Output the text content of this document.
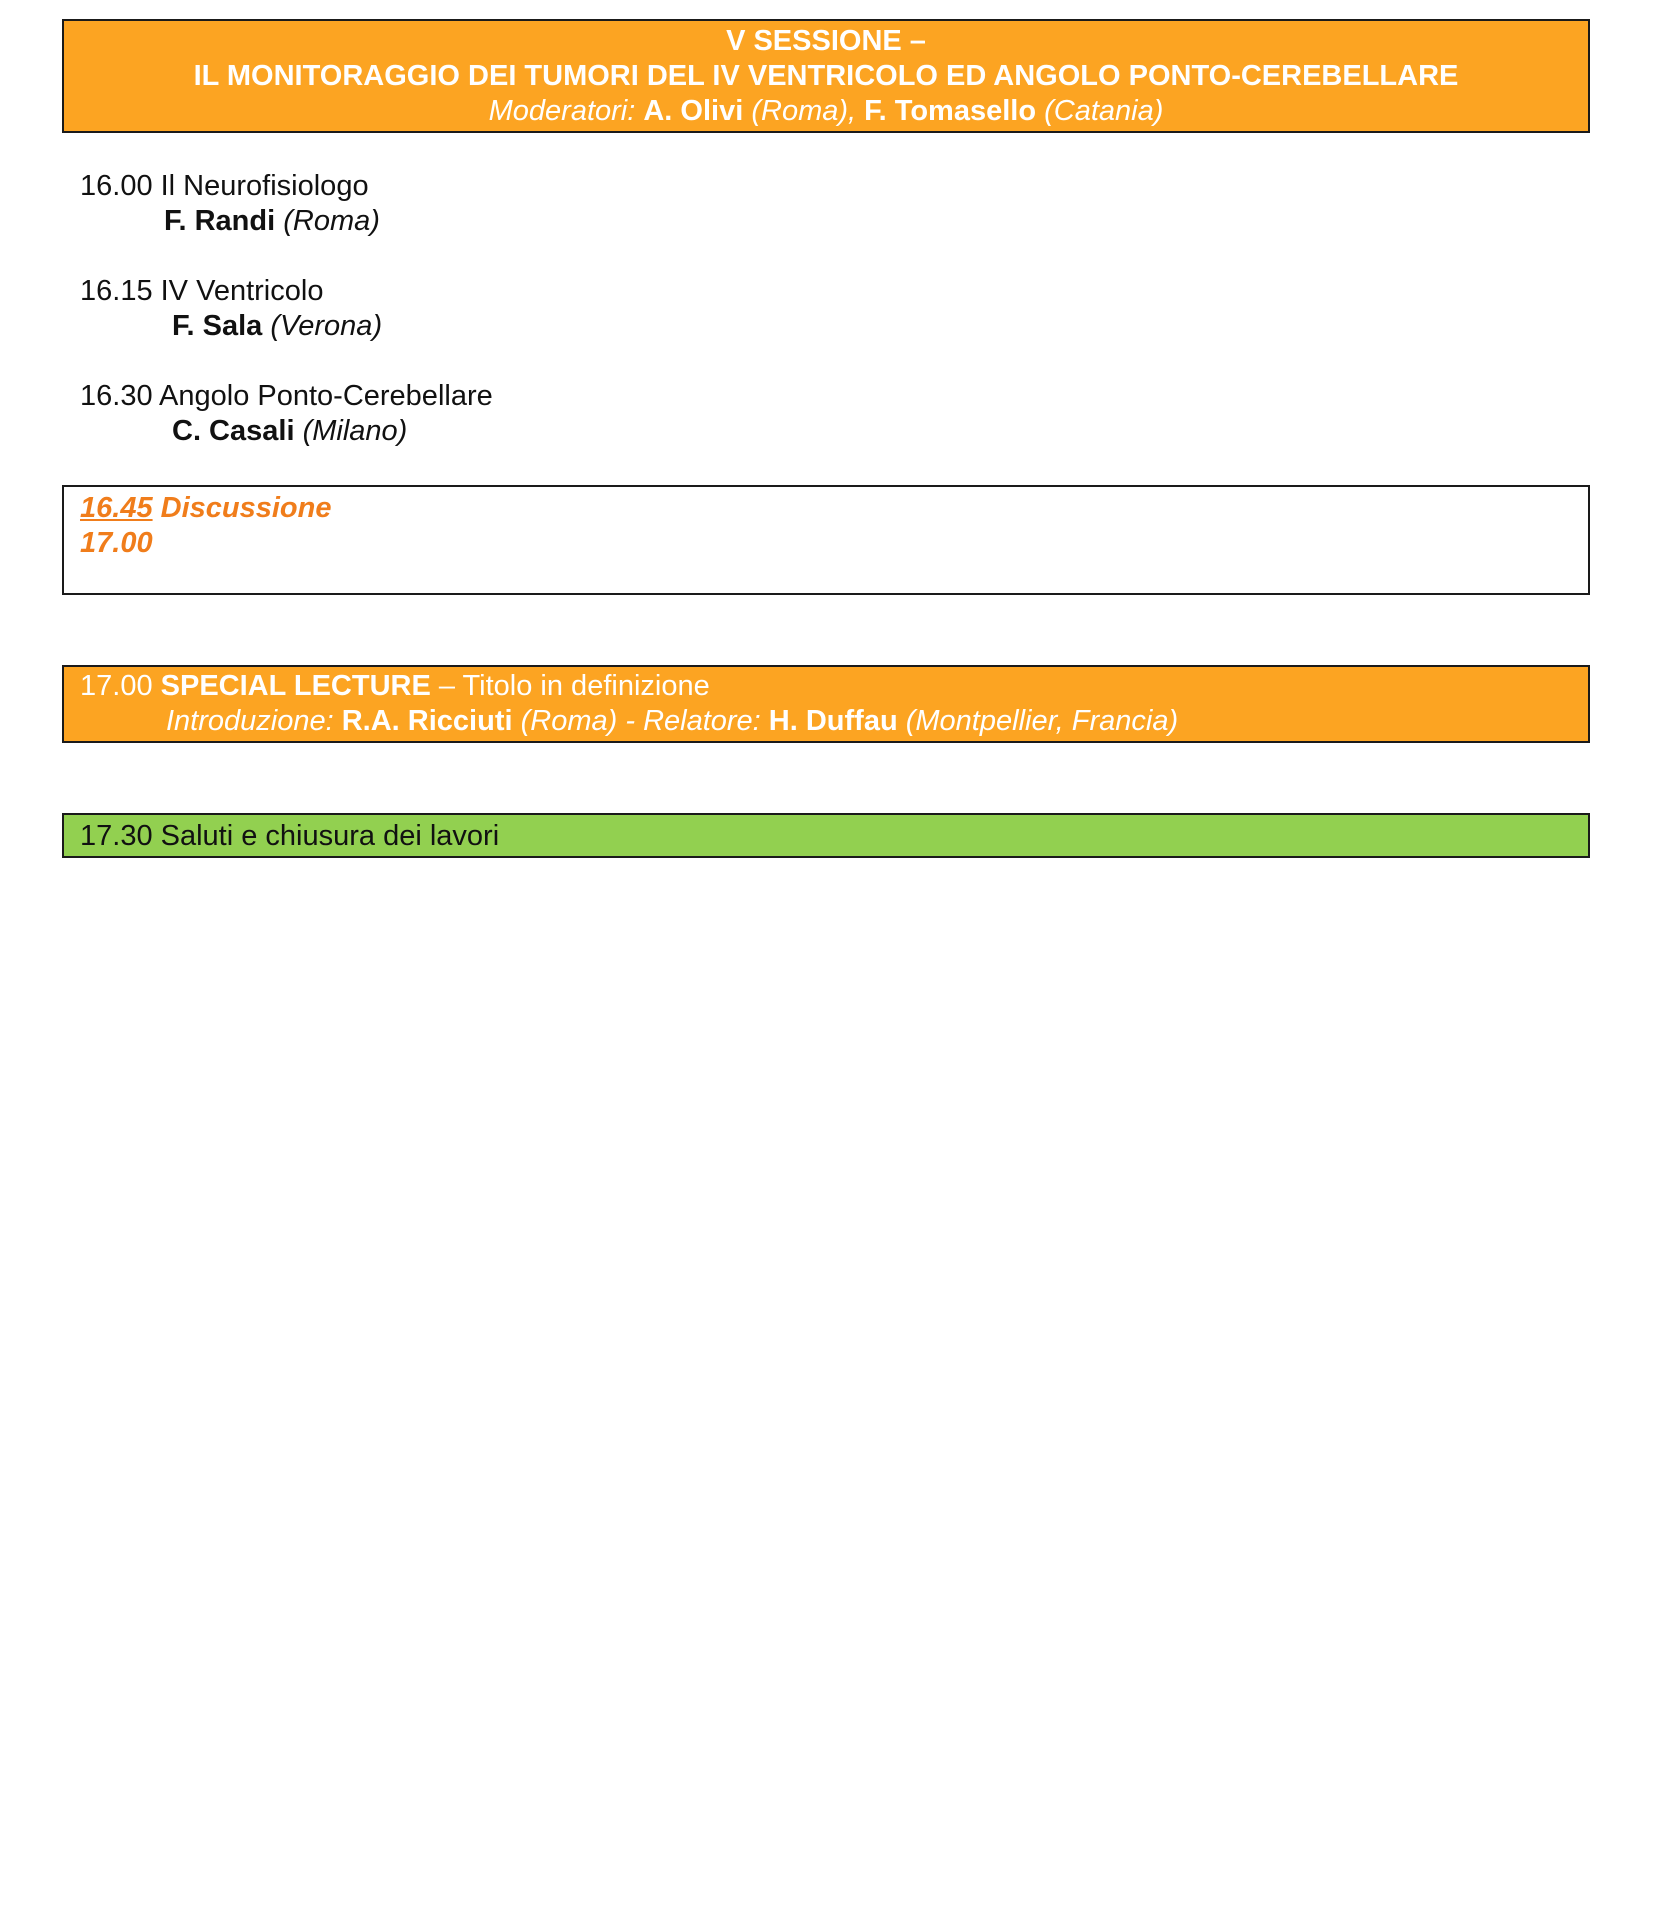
V SESSIONE –
IL MONITORAGGIO DEI TUMORI DEL IV VENTRICOLO ED ANGOLO PONTO-CEREBELLARE
Moderatori: A. Olivi (Roma), F. Tomasello (Catania)
16.00 Il Neurofisiologo
F. Randi (Roma)
16.15 IV Ventricolo
F. Sala (Verona)
16.30 Angolo Ponto-Cerebellare
C. Casali (Milano)
16.45 Discussione
17.00
17.00 SPECIAL LECTURE – Titolo in definizione
Introduzione: R.A. Ricciuti (Roma) - Relatore: H. Duffau (Montpellier, Francia)
17.30 Saluti e chiusura dei lavori
